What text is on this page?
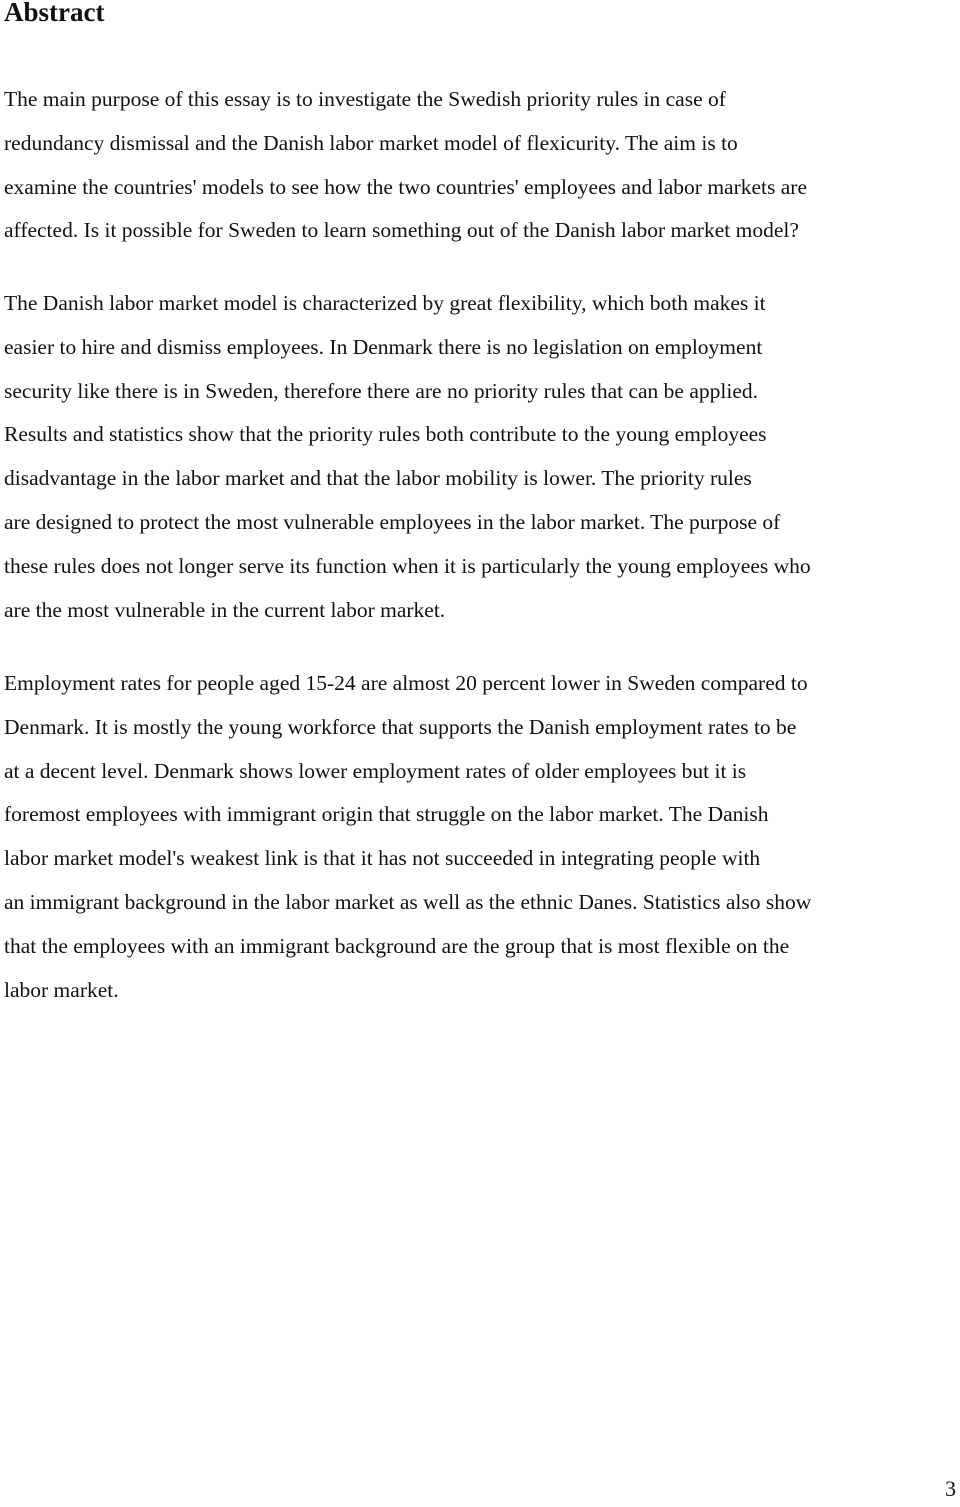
Abstract
The main purpose of this essay is to investigate the Swedish priority rules in case of
redundancy dismissal and the Danish labor market model of flexicurity. The aim is to
examine the countries' models to see how the two countries' employees and labor markets are
affected. Is it possible for Sweden to learn something out of the Danish labor market model?
The Danish labor market model is characterized by great flexibility, which both makes it
easier to hire and dismiss employees. In Denmark there is no legislation on employment
security like there is in Sweden, therefore there are no priority rules that can be applied.
Results and statistics show that the priority rules both contribute to the young employees
disadvantage in the labor market and that the labor mobility is lower. The priority rules
are designed to protect the most vulnerable employees in the labor market. The purpose of
these rules does not longer serve its function when it is particularly the young employees who
are the most vulnerable in the current labor market.
Employment rates for people aged 15-24 are almost 20 percent lower in Sweden compared to
Denmark. It is mostly the young workforce that supports the Danish employment rates to be
at a decent level. Denmark shows lower employment rates of older employees but it is
foremost employees with immigrant origin that struggle on the labor market. The Danish
labor market model's weakest link is that it has not succeeded in integrating people with
an immigrant background in the labor market as well as the ethnic Danes. Statistics also show
that the employees with an immigrant background are the group that is most flexible on the
labor market.
3
